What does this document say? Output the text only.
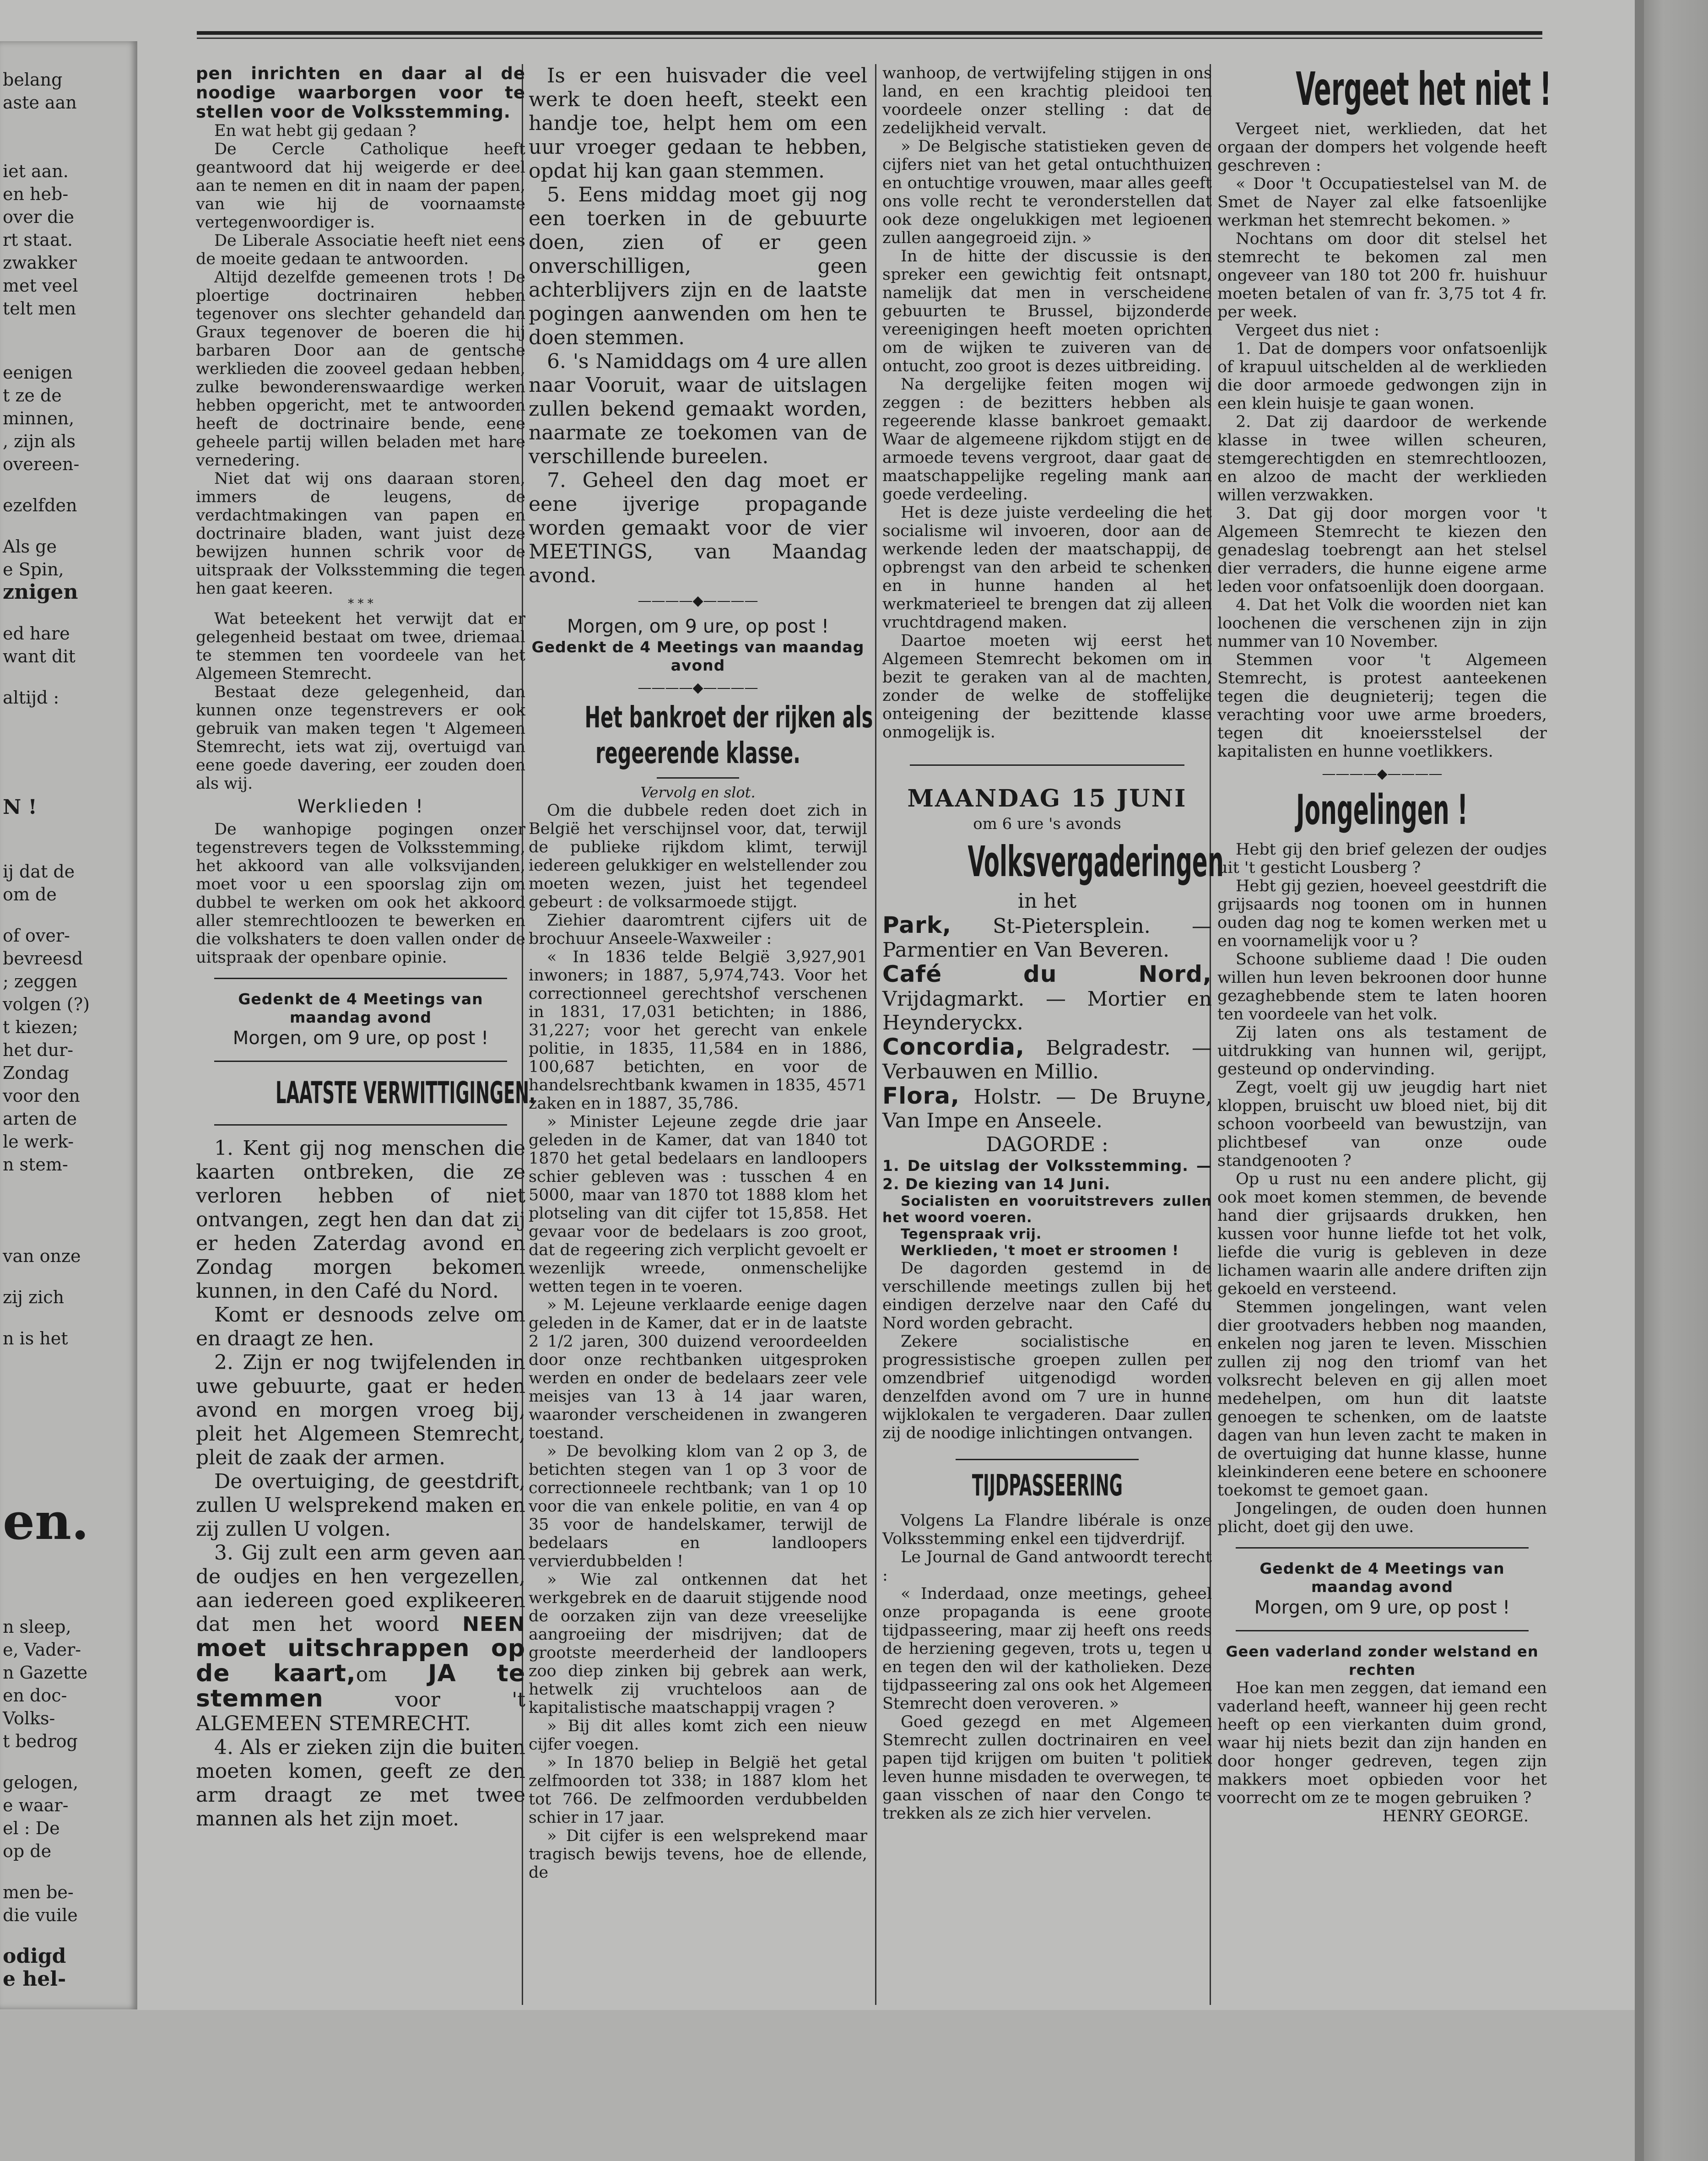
belang
aste aan
iet aan.
en heb-
over die
rt staat.
zwakker
met veel
telt men
eenigen
t ze de
minnen,
, zijn als
overeen-
ezelfden
Als ge
e Spin,
znigen
ed hare
want dit
altijd :
N !
ij dat de
om de
of over-
bevreesd
; zeggen
volgen (?)
t kiezen;
het dur-
Zondag
voor den
arten de
le werk-
n stem-
van onze
zij zich
n is het
en.
n sleep,
e, Vader-
n Gazette
en doc-
Volks-
t bedrog
gelogen,
e waar-
el : De
op de
men be-
die vuile
odigd
e hel-

pen inrichten en daar al de noodige waarborgen voor te stellen voor de Volksstemming.

En wat hebt gij gedaan ?

De Cercle Catholique heeft geantwoord dat hij weigerde er deel aan te nemen en dit in naam der papen, van wie hij de voornaamste vertegenwoordiger is.

De Liberale Associatie heeft niet eens de moeite gedaan te antwoorden.

Altijd dezelfde gemeenen trots ! De ploertige doctrinairen hebben tegenover ons slechter gehandeld dan Graux tegenover de boeren die hij barbaren Door aan de gentsche werklieden die zooveel gedaan hebben, zulke bewonderenswaardige werken hebben opgericht, met te antwoorden heeft de doctrinaire bende, eene geheele partij willen beladen met hare vernedering.

Niet dat wij ons daaraan storen, immers de leugens, de verdachtmakingen van papen en doctrinaire bladen, want juist deze bewijzen hunnen schrik voor de uitspraak der Volksstemming die tegen hen gaat keeren.

* * *

Wat beteekent het verwijt dat er gelegenheid bestaat om twee, driemaal te stemmen ten voordeele van het Algemeen Stemrecht.

Bestaat deze gelegenheid, dan kunnen onze tegenstrevers er ook gebruik van maken tegen 't Algemeen Stemrecht, iets wat zij, overtuigd van eene goede davering, eer zouden doen als wij.

Werklieden !

De wanhopige pogingen onzer tegenstrevers tegen de Volksstemming, het akkoord van alle volksvijanden, moet voor u een spoorslag zijn om dubbel te werken om ook het akkoord aller stemrechtloozen te bewerken en die volkshaters te doen vallen onder de uitspraak der openbare opinie.

Gedenkt de 4 Meetings van maandag avond

Morgen, om 9 ure, op post !

LAATSTE VERWITTIGINGEN.

1. Kent gij nog menschen die kaarten ontbreken, die ze verloren hebben of niet ontvangen, zegt hen dan dat zij er heden Zaterdag avond en Zondag morgen bekomen kunnen, in den Café du Nord.

Komt er desnoods zelve om en draagt ze hen.

2. Zijn er nog twijfelenden in uwe gebuurte, gaat er heden avond en morgen vroeg bij, pleit het Algemeen Stemrecht, pleit de zaak der armen.

De overtuiging, de geestdrift, zullen U welsprekend maken en zij zullen U volgen.

3. Gij zult een arm geven aan de oudjes en hen vergezellen, aan iedereen goed explikeeren dat men het woord NEEN moet uitschrappen op de kaart,om JA te stemmen	voor 't ALGEMEEN STEMRECHT.

4. Als er zieken zijn die buiten moeten komen, geeft ze den arm draagt ze met twee mannen als het zijn moet.

Is er een huisvader die veel werk te doen heeft, steekt een handje toe, helpt hem om een uur vroeger gedaan te hebben, opdat hij kan gaan stemmen.

5. Eens middag moet gij nog een toerken in de gebuurte doen, zien of er geen onverschilligen, geen achterblijvers zijn en de laatste pogingen aanwenden om hen te doen stemmen.

6. 's Namiddags om 4 ure allen naar Vooruit, waar de uitslagen zullen bekend gemaakt worden, naarmate ze toekomen van de verschillende bureelen.

7. Geheel den dag moet er eene ijverige propagande worden gemaakt voor de vier MEETINGS, van Maandag avond.

————◆————

Morgen, om 9 ure, op post !

Gedenkt de 4 Meetings van maandag avond

————◆————
Het bankroet der rijken als
regeerende klasse.

Vervolg en slot.

Om die dubbele reden doet zich in België het verschijnsel voor, dat, terwijl de publieke rijkdom klimt, terwijl iedereen gelukkiger en welstellender zou moeten wezen, juist het tegendeel gebeurt : de volksarmoede stijgt.

Ziehier daaromtrent cijfers uit de brochuur Anseele-Waxweiler :

« In 1836 telde België 3,927,901 inwoners; in 1887, 5,974,743. Voor het correctionneel gerechtshof verschenen in 1831, 17,031 betichten; in 1886, 31,227; voor het gerecht van enkele politie, in 1835, 11,584 en in 1886, 100,687 betichten, en voor de handelsrechtbank kwamen in 1835, 4571 zaken en in 1887, 35,786.

» Minister Lejeune zegde drie jaar geleden in de Kamer, dat van 1840 tot 1870 het getal bedelaars en landloopers schier gebleven was : tusschen 4 en 5000, maar van 1870 tot 1888 klom het plotseling van dit cijfer tot 15,858. Het gevaar voor de bedelaars is zoo groot, dat de regeering zich verplicht gevoelt er wezenlijk wreede, onmenschelijke wetten tegen in te voeren.

» M. Lejeune verklaarde eenige dagen geleden in de Kamer, dat er in de laatste 2 1/2 jaren, 300 duizend veroordeelden door onze rechtbanken uitgesproken werden en onder de bedelaars zeer vele meisjes van 13 à 14 jaar waren, waaronder verscheidenen in zwangeren toestand.

» De bevolking klom van 2 op 3, de betichten stegen van 1 op 3 voor de correctionneele rechtbank; van 1 op 10 voor die van enkele politie, en van 4 op 35 voor de handelskamer, terwijl de bedelaars en landloopers vervierdubbelden !

» Wie zal ontkennen dat het werkgebrek en de daaruit stijgende nood de oorzaken zijn van deze vreeselijke aangroeiing der misdrijven; dat de grootste meerderheid der landloopers zoo diep zinken bij gebrek aan werk, hetwelk zij vruchteloos aan de kapitalistische maatschappij vragen ?

» Bij dit alles komt zich een nieuw cijfer voegen.

» In 1870 beliep in België het getal zelfmoorden tot 338; in 1887 klom het tot 766. De zelfmoorden verdubbelden schier in 17 jaar.

» Dit cijfer is een welsprekend maar tragisch bewijs tevens, hoe de ellende, de

wanhoop, de vertwijfeling stijgen in ons land, en een krachtig pleidooi ten voordeele onzer stelling : dat de zedelijkheid vervalt.

» De Belgische statistieken geven de cijfers niet van het getal ontuchthuizen en ontuchtige vrouwen, maar alles geeft ons volle recht te veronderstellen dat ook deze ongelukkigen met legioenen zullen aangegroeid zijn. »

In de hitte der discussie is den spreker een gewichtig feit ontsnapt, namelijk dat men in verscheidene gebuurten te Brussel, bijzonderde vereenigingen heeft moeten oprichten om de wijken te zuiveren van de ontucht, zoo groot is dezes uitbreiding.

Na dergelijke feiten mogen wij zeggen : de bezitters hebben als regeerende klasse bankroet gemaakt. Waar de algemeene rijkdom stijgt en de armoede tevens vergroot, daar gaat de maatschappelijke regeling mank aan goede verdeeling.

Het is deze juiste verdeeling die het socialisme wil invoeren, door aan de werkende leden der maatschappij, de opbrengst van den arbeid te schenken en in hunne handen al het werkmaterieel te brengen dat zij alleen vruchtdragend maken.

Daartoe moeten wij eerst het Algemeen Stemrecht bekomen om in bezit te geraken van al de machten, zonder de welke de stoffelijke onteigening der bezittende klasse onmogelijk is.

MAANDAG 15 JUNI

om 6 ure 's avonds

Volksvergaderingen

in het

Park, St-Pietersplein. — Parmentier en Van Beveren.

Café du Nord, Vrijdagmarkt. — Mortier en Heynderyckx.

Concordia, Belgradestr. — Verbauwen en Millio.

Flora, Holstr. — De Bruyne, Van Impe en Anseele.

DAGORDE :

1. De uitslag der Volksstemming. —2. De kiezing van 14 Juni.

Socialisten en vooruitstrevers zullen het woord voeren.

Tegenspraak vrij.

Werklieden, 't moet er stroomen !

De dagorden gestemd in de verschillende meetings zullen bij het eindigen derzelve naar den Café du Nord worden gebracht.

Zekere socialistische en progressistische groepen zullen per omzendbrief uitgenodigd worden denzelfden avond om 7 ure in hunne wijklokalen te vergaderen. Daar zullen zij de noodige inlichtingen ontvangen.

TIJDPASSEERING

Volgens La Flandre libérale is onze Volksstemming enkel een tijdverdrijf.

Le Journal de Gand antwoordt terecht :

« Inderdaad, onze meetings, geheel onze propaganda is eene groote tijdpasseering, maar zij heeft ons reeds de herziening gegeven, trots u, tegen u en tegen den wil der katholieken. Deze tijdpasseering zal ons ook het Algemeen Stemrecht doen veroveren. »

Goed gezegd en met Algemeen Stemrecht zullen doctrinairen en veel papen tijd krijgen om buiten 't politiek leven hunne misdaden te overwegen, te gaan visschen of naar den Congo te trekken als ze zich hier vervelen.

Vergeet het niet !

Vergeet niet, werklieden, dat het orgaan der dompers het volgende heeft geschreven :

« Door 't Occupatiestelsel van M. de Smet de Nayer zal elke fatsoenlijke werkman het stemrecht bekomen. »

Nochtans om door dit stelsel het stemrecht te bekomen zal men ongeveer van 180 tot 200 fr. huishuur moeten betalen of van fr. 3,75 tot 4 fr. per week.

Vergeet dus niet :

1. Dat de dompers voor onfatsoenlijk of krapuul uitschelden al de werklieden die door armoede gedwongen zijn in een klein huisje te gaan wonen.

2. Dat zij daardoor de werkende klasse in twee willen scheuren, stemgerechtigden en stemrechtloozen, en alzoo de macht der werklieden willen verzwakken.

3. Dat gij door morgen voor 't Algemeen Stemrecht te kiezen den genadeslag toebrengt aan het stelsel dier verraders, die hunne eigene arme leden voor onfatsoenlijk doen doorgaan.

4. Dat het Volk die woorden niet kan loochenen die verschenen zijn in zijn nummer van 10 November.

Stemmen voor 't Algemeen Stemrecht, is protest aanteekenen tegen die deugnieterij; tegen die verachting voor uwe arme broeders, tegen dit knoeiersstelsel der kapitalisten en hunne voetlikkers.

————◆————
Jongelingen !

Hebt gij den brief gelezen der oudjes uit 't gesticht Lousberg ?

Hebt gij gezien, hoeveel geestdrift die grijsaards nog toonen om in hunnen ouden dag nog te komen werken met u en voornamelijk voor u ?

Schoone sublieme daad ! Die ouden willen hun leven bekroonen door hunne gezaghebbende stem te laten hooren ten voordeele van het volk.

Zij laten ons als testament de uitdrukking van hunnen wil, gerijpt, gesteund op ondervinding.

Zegt, voelt gij uw jeugdig hart niet kloppen, bruischt uw bloed niet, bij dit schoon voorbeeld van bewustzijn, van plichtbesef van onze oude standgenooten ?

Op u rust nu een andere plicht, gij ook moet komen stemmen, de bevende hand dier grijsaards drukken, hen kussen voor hunne liefde tot het volk, liefde die vurig is gebleven in deze lichamen waarin alle andere driften zijn gekoeld en versteend.

Stemmen jongelingen, want velen dier grootvaders hebben nog maanden, enkelen nog jaren te leven. Misschien zullen zij nog den triomf van het volksrecht beleven en gij allen moet medehelpen, om hun dit laatste genoegen te schenken, om de laatste dagen van hun leven zacht te maken in de overtuiging dat hunne klasse, hunne kleinkinderen eene betere en schoonere toekomst te gemoet gaan.

Jongelingen, de ouden doen hunnen plicht, doet gij den uwe.

Gedenkt de 4 Meetings van maandag avond

Morgen, om 9 ure, op post !

Geen vaderland zonder welstand en rechten

Hoe kan men zeggen, dat iemand een vaderland heeft, wanneer hij geen recht heeft op een vierkanten duim grond, waar hij niets bezit dan zijn handen en door honger gedreven, tegen zijn makkers moet opbieden voor het voorrecht om ze te mogen gebruiken ?

HENRY GEORGE.
